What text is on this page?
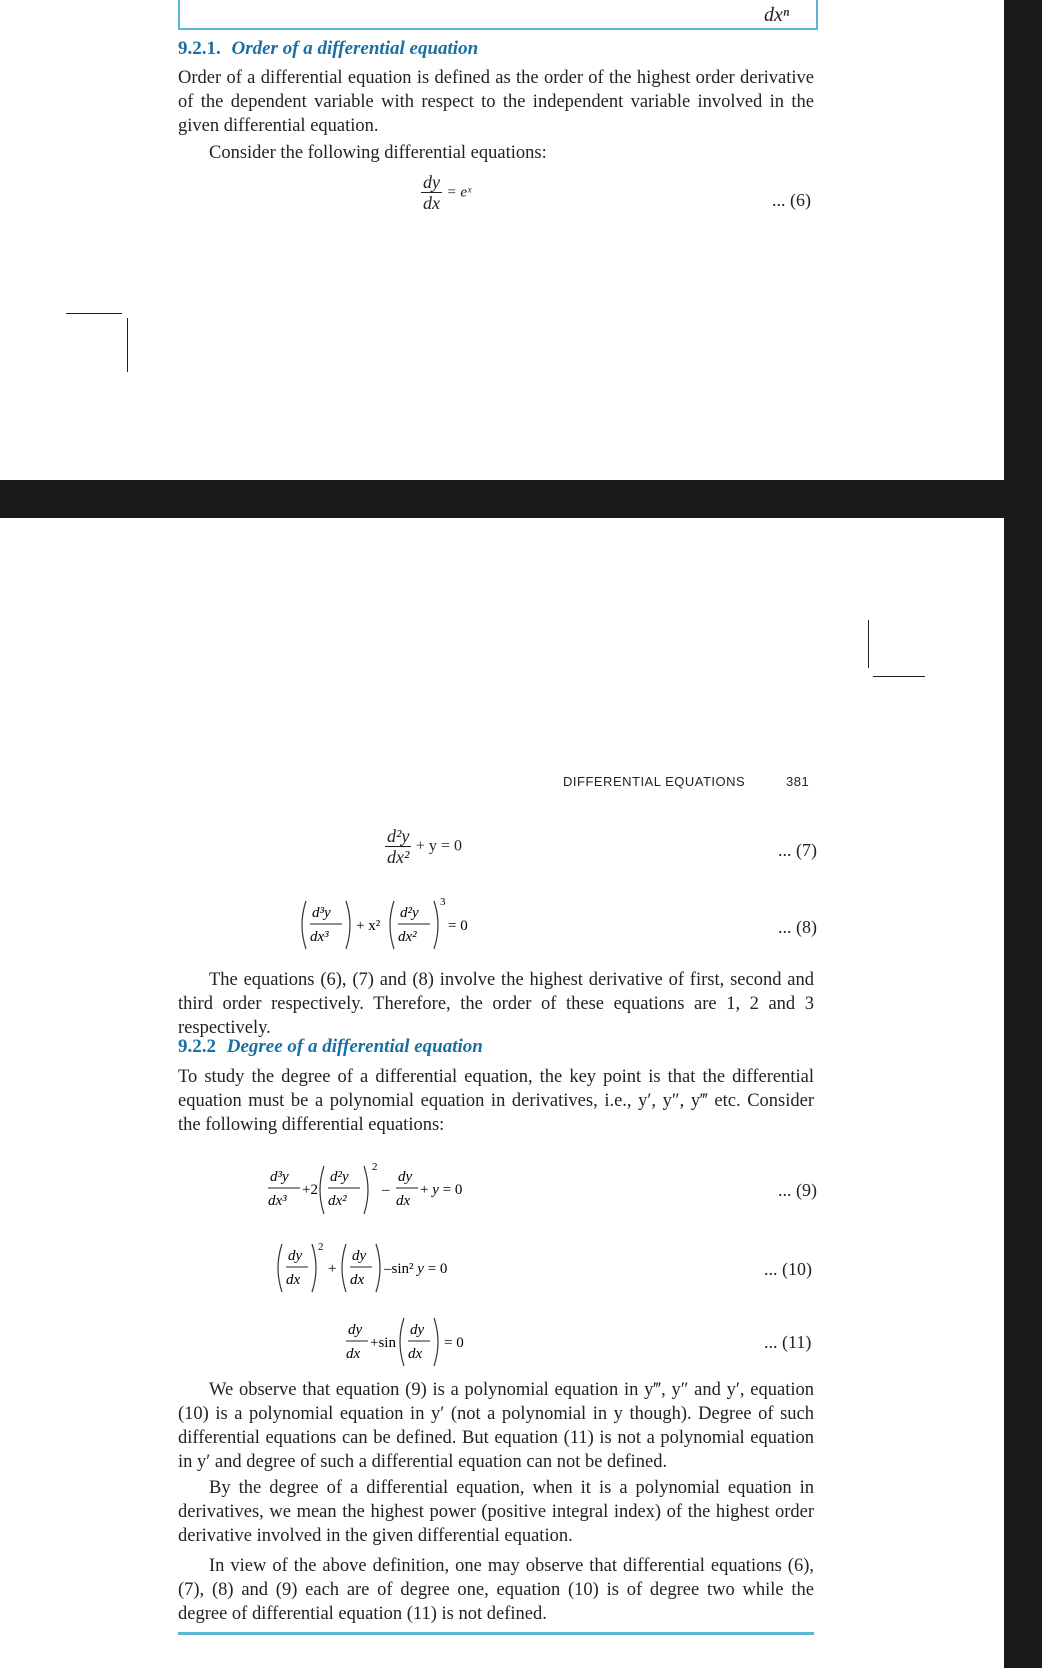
dxⁿ
9.2.1. Order of a differential equation
Order of a differential equation is defined as the order of the highest order derivative of the dependent variable with respect to the independent variable involved in the given differential equation.
Consider the following differential equations:
$\frac{dy}{dx}$ = eˣ	... (6)
DIFFERENTIAL EQUATIONS	381
$\frac{\text{d²y}}{\text{dx²}} + y = 0$	... (7)
d³y
dx³
+ x²
d²y
dx²
3
= 0	... (8)
The equations (6), (7) and (8) involve the highest derivative of first, second and third order respectively. Therefore, the order of these equations are 1, 2 and 3 respectively.
9.2.2 Degree of a differential equation
To study the degree of a differential equation, the key point is that the differential equation must be a polynomial equation in derivatives, i.e., y′, y″, y‴ etc. Consider the following differential equations:
d³y
dx³
+2
d²y
dx²
2
–
dy
dx
+ y = 0	... (9)
dy
dx
2
+
dy
dx
–sin² y = 0	... (10)
dy
dx
+sin
dy
dx
= 0	... (11)
We observe that equation (9) is a polynomial equation in y‴, y″ and y′, equation (10) is a polynomial equation in y′ (not a polynomial in y though). Degree of such differential equations can be defined. But equation (11) is not a polynomial equation in y′ and degree of such a differential equation can not be defined.
By the degree of a differential equation, when it is a polynomial equation in derivatives, we mean the highest power (positive integral index) of the highest order derivative involved in the given differential equation.
In view of the above definition, one may observe that differential equations (6), (7), (8) and (9) each are of degree one, equation (10) is of degree two while the degree of differential equation (11) is not defined.
